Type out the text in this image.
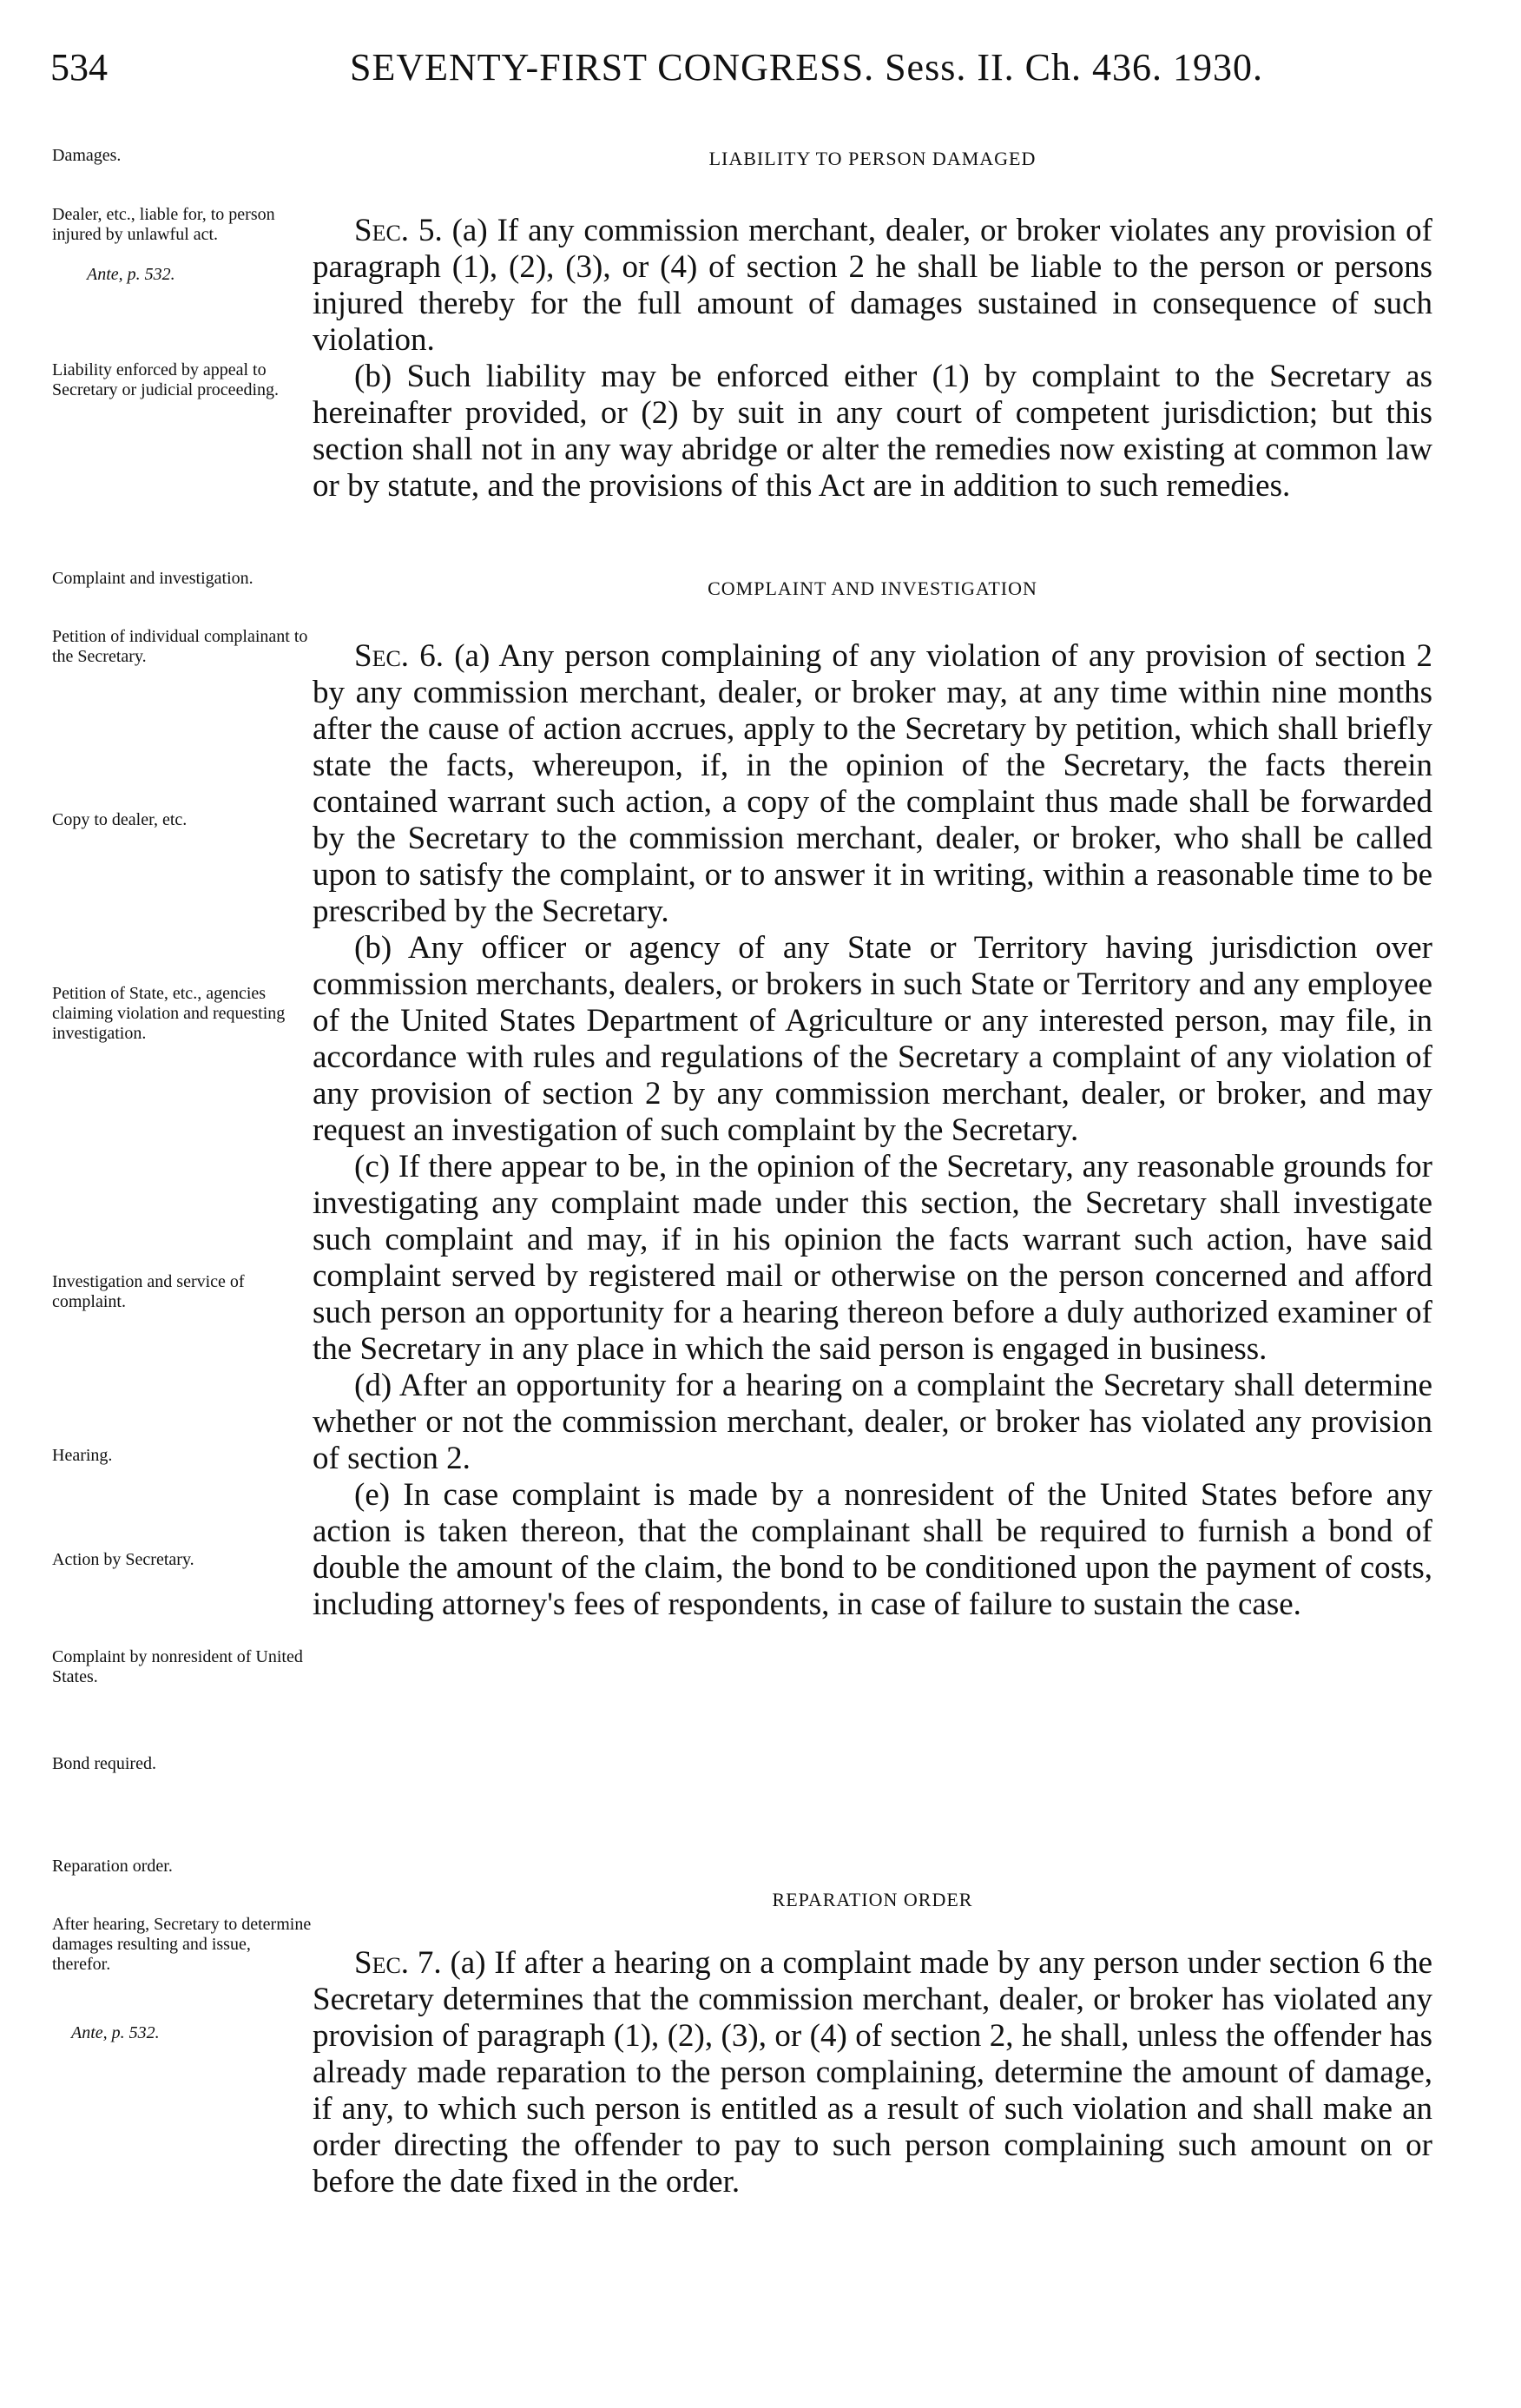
534	SEVENTY-FIRST CONGRESS. Sess. II. Ch. 436. 1930.
Damages.
Dealer, etc., liable for, to person injured by unlawful act.
Ante, p. 532.
Liability enforced by appeal to Secretary or judicial proceeding.
Complaint and investigation.
Petition of individual complainant to the Secretary.
Copy to dealer, etc.
Petition of State, etc., agencies claiming violation and requesting investigation.
Investigation and service of complaint.
Hearing.
Action by Secretary.
Complaint by nonresident of United States.
Bond required.
Reparation order.
After hearing, Secretary to determine damages resulting and issue, therefor.
Ante, p. 532.
LIABILITY TO PERSON DAMAGED

Sec. 5. (a) If any commission merchant, dealer, or broker violates any provision of paragraph (1), (2), (3), or (4) of section 2 he shall be liable to the person or persons injured thereby for the full amount of damages sustained in consequence of such violation.

(b) Such liability may be enforced either (1) by complaint to the Secretary as hereinafter provided, or (2) by suit in any court of competent jurisdiction; but this section shall not in any way abridge or alter the remedies now existing at common law or by statute, and the provisions of this Act are in addition to such remedies.

COMPLAINT AND INVESTIGATION

Sec. 6. (a) Any person complaining of any violation of any provision of section 2 by any commission merchant, dealer, or broker may, at any time within nine months after the cause of action accrues, apply to the Secretary by petition, which shall briefly state the facts, whereupon, if, in the opinion of the Secretary, the facts therein contained warrant such action, a copy of the complaint thus made shall be forwarded by the Secretary to the commission merchant, dealer, or broker, who shall be called upon to satisfy the complaint, or to answer it in writing, within a reasonable time to be prescribed by the Secretary.

(b) Any officer or agency of any State or Territory having jurisdiction over commission merchants, dealers, or brokers in such State or Territory and any employee of the United States Department of Agriculture or any interested person, may file, in accordance with rules and regulations of the Secretary a complaint of any violation of any provision of section 2 by any commission merchant, dealer, or broker, and may request an investigation of such complaint by the Secretary.

(c) If there appear to be, in the opinion of the Secretary, any reasonable grounds for investigating any complaint made under this section, the Secretary shall investigate such complaint and may, if in his opinion the facts warrant such action, have said complaint served by registered mail or otherwise on the person concerned and afford such person an opportunity for a hearing thereon before a duly authorized examiner of the Secretary in any place in which the said person is engaged in business.

(d) After an opportunity for a hearing on a complaint the Secretary shall determine whether or not the commission merchant, dealer, or broker has violated any provision of section 2.

(e) In case complaint is made by a nonresident of the United States before any action is taken thereon, that the complainant shall be required to furnish a bond of double the amount of the claim, the bond to be conditioned upon the payment of costs, including attorney's fees of respondents, in case of failure to sustain the case.

REPARATION ORDER

Sec. 7. (a) If after a hearing on a complaint made by any person under section 6 the Secretary determines that the commission merchant, dealer, or broker has violated any provision of paragraph (1), (2), (3), or (4) of section 2, he shall, unless the offender has already made reparation to the person complaining, determine the amount of damage, if any, to which such person is entitled as a result of such violation and shall make an order directing the offender to pay to such person complaining such amount on or before the date fixed in the order.
